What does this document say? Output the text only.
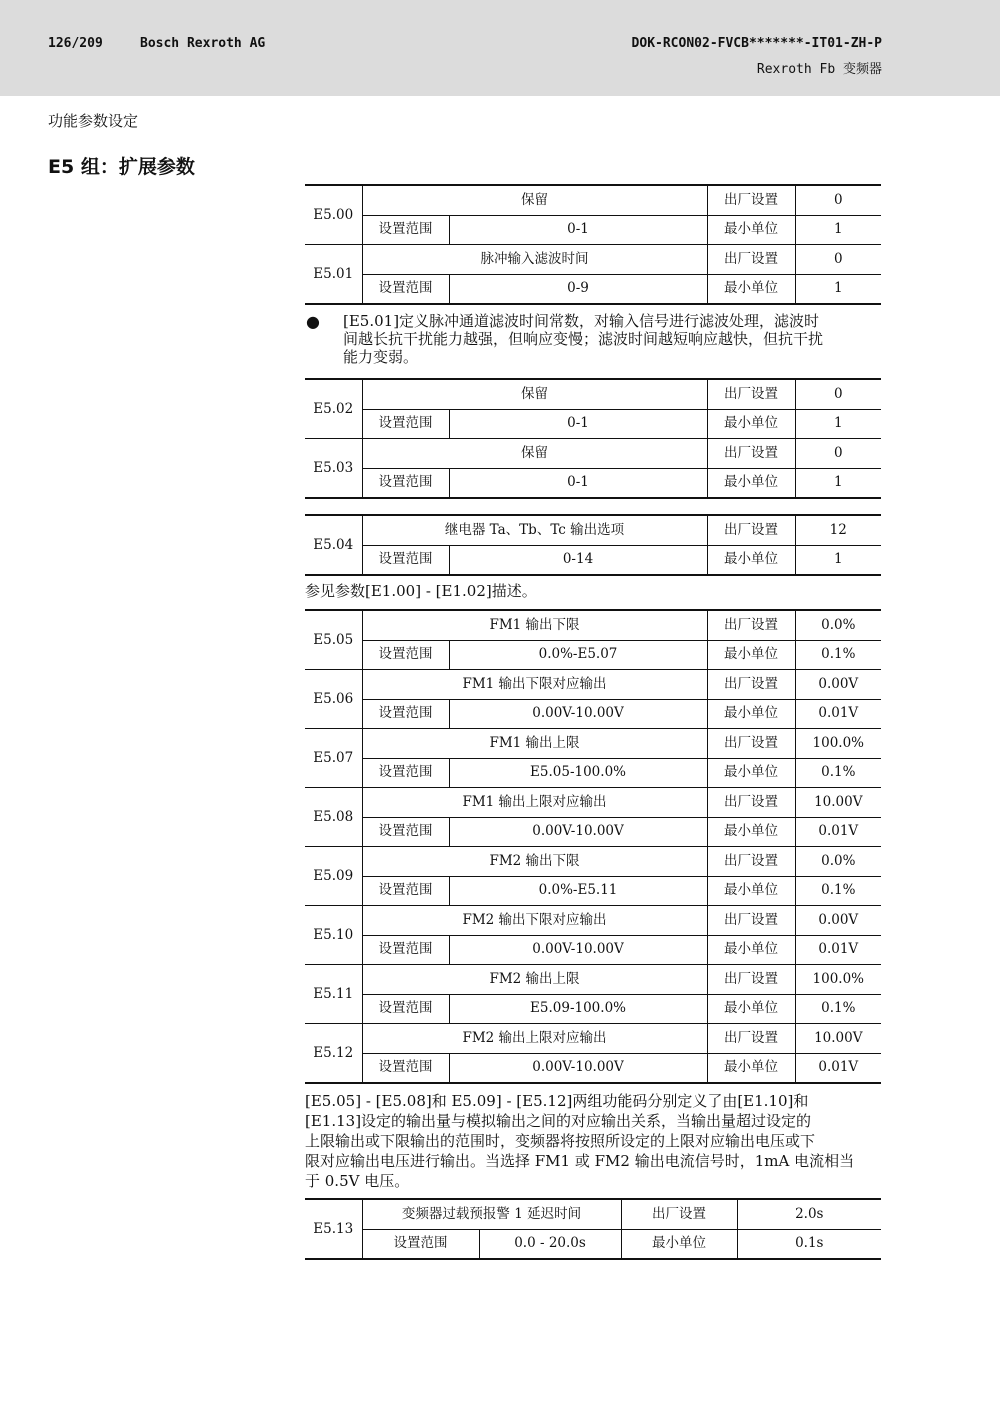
126/209	Bosch Rexroth AG	DOK-RCON02-FVCB*******-IT01-ZH-P
Rexroth Fb 变频器
功能参数设定
E5 组：扩展参数
E5.00	保留		出厂设置	0
	设置范围	0-1	最小单位	1
E5.01	脉冲输入滤波时间		出厂设置	0
	设置范围	0-9	最小单位	1
● [E5.01]定义脉冲通道滤波时间常数，对输入信号进行滤波处理，滤波时
间越长抗干扰能力越强，但响应变慢；滤波时间越短响应越快，但抗干扰
能力变弱。
E5.02	保留		出厂设置	0
	设置范围	0-1	最小单位	1
E5.03	保留		出厂设置	0
	设置范围	0-1	最小单位	1
E5.04	继电器 Ta、Tb、Tc 输出选项		出厂设置	12
	设置范围	0-14	最小单位	1
参见参数[E1.00] - [E1.02]描述。
E5.05	FM1 输出下限		出厂设置	0.0%
	设置范围	0.0%-E5.07	最小单位	0.1%
E5.06	FM1 输出下限对应输出		出厂设置	0.00V
	设置范围	0.00V-10.00V	最小单位	0.01V
E5.07	FM1 输出上限		出厂设置	100.0%
	设置范围	E5.05-100.0%	最小单位	0.1%
E5.08	FM1 输出上限对应输出		出厂设置	10.00V
	设置范围	0.00V-10.00V	最小单位	0.01V
E5.09	FM2 输出下限		出厂设置	0.0%
	设置范围	0.0%-E5.11	最小单位	0.1%
E5.10	FM2 输出下限对应输出		出厂设置	0.00V
	设置范围	0.00V-10.00V	最小单位	0.01V
E5.11	FM2 输出上限		出厂设置	100.0%
	设置范围	E5.09-100.0%	最小单位	0.1%
E5.12	FM2 输出上限对应输出		出厂设置	10.00V
	设置范围	0.00V-10.00V	最小单位	0.01V
[E5.05] - [E5.08]和 E5.09] - [E5.12]两组功能码分别定义了由[E1.10]和
[E1.13]设定的输出量与模拟输出之间的对应输出关系，当输出量超过设定的
上限输出或下限输出的范围时，变频器将按照所设定的上限对应输出电压或下
限对应输出电压进行输出。当选择 FM1 或 FM2 输出电流信号时，1mA 电流相当
于 0.5V 电压。
E5.13	变频器过载预报警 1 延迟时间		出厂设置	2.0s
	设置范围	0.0 - 20.0s	最小单位	0.1s
